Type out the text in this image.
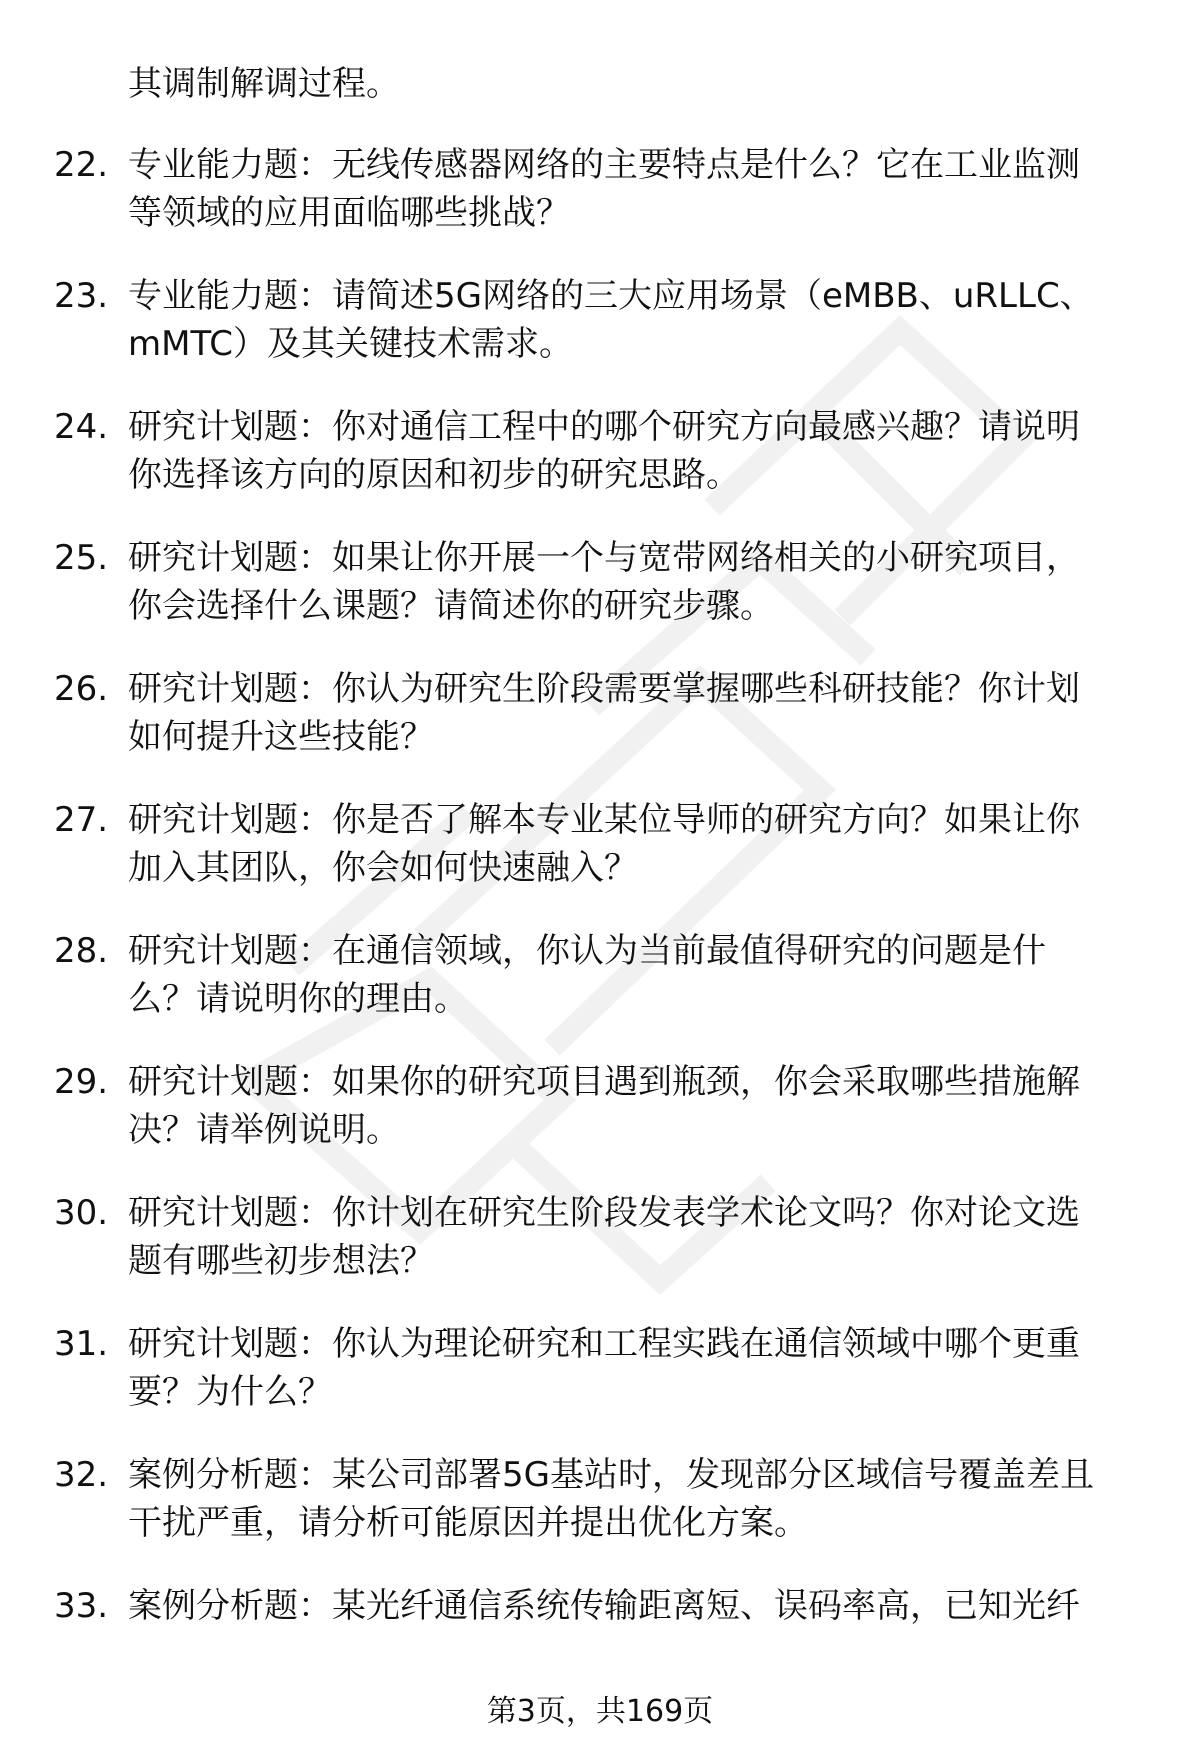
其调制解调过程。
22. 专业能力题：无线传感器网络的主要特点是什么？它在工业监测
等领域的应用面临哪些挑战？
23. 专业能力题：请简述5G网络的三大应用场景（eMBB、uRLLC、
mMTC）及其关键技术需求。
24. 研究计划题：你对通信工程中的哪个研究方向最感兴趣？请说明
你选择该方向的原因和初步的研究思路。
25. 研究计划题：如果让你开展一个与宽带网络相关的小研究项目，
你会选择什么课题？请简述你的研究步骤。
26. 研究计划题：你认为研究生阶段需要掌握哪些科研技能？你计划
如何提升这些技能？
27. 研究计划题：你是否了解本专业某位导师的研究方向？如果让你
加入其团队，你会如何快速融入？
28. 研究计划题：在通信领域，你认为当前最值得研究的问题是什
么？请说明你的理由。
29. 研究计划题：如果你的研究项目遇到瓶颈，你会采取哪些措施解
决？请举例说明。
30. 研究计划题：你计划在研究生阶段发表学术论文吗？你对论文选
题有哪些初步想法？
31. 研究计划题：你认为理论研究和工程实践在通信领域中哪个更重
要？为什么？
32. 案例分析题：某公司部署5G基站时，发现部分区域信号覆盖差且
干扰严重，请分析可能原因并提出优化方案。
33. 案例分析题：某光纤通信系统传输距离短、误码率高，已知光纤
第3页，共169页
